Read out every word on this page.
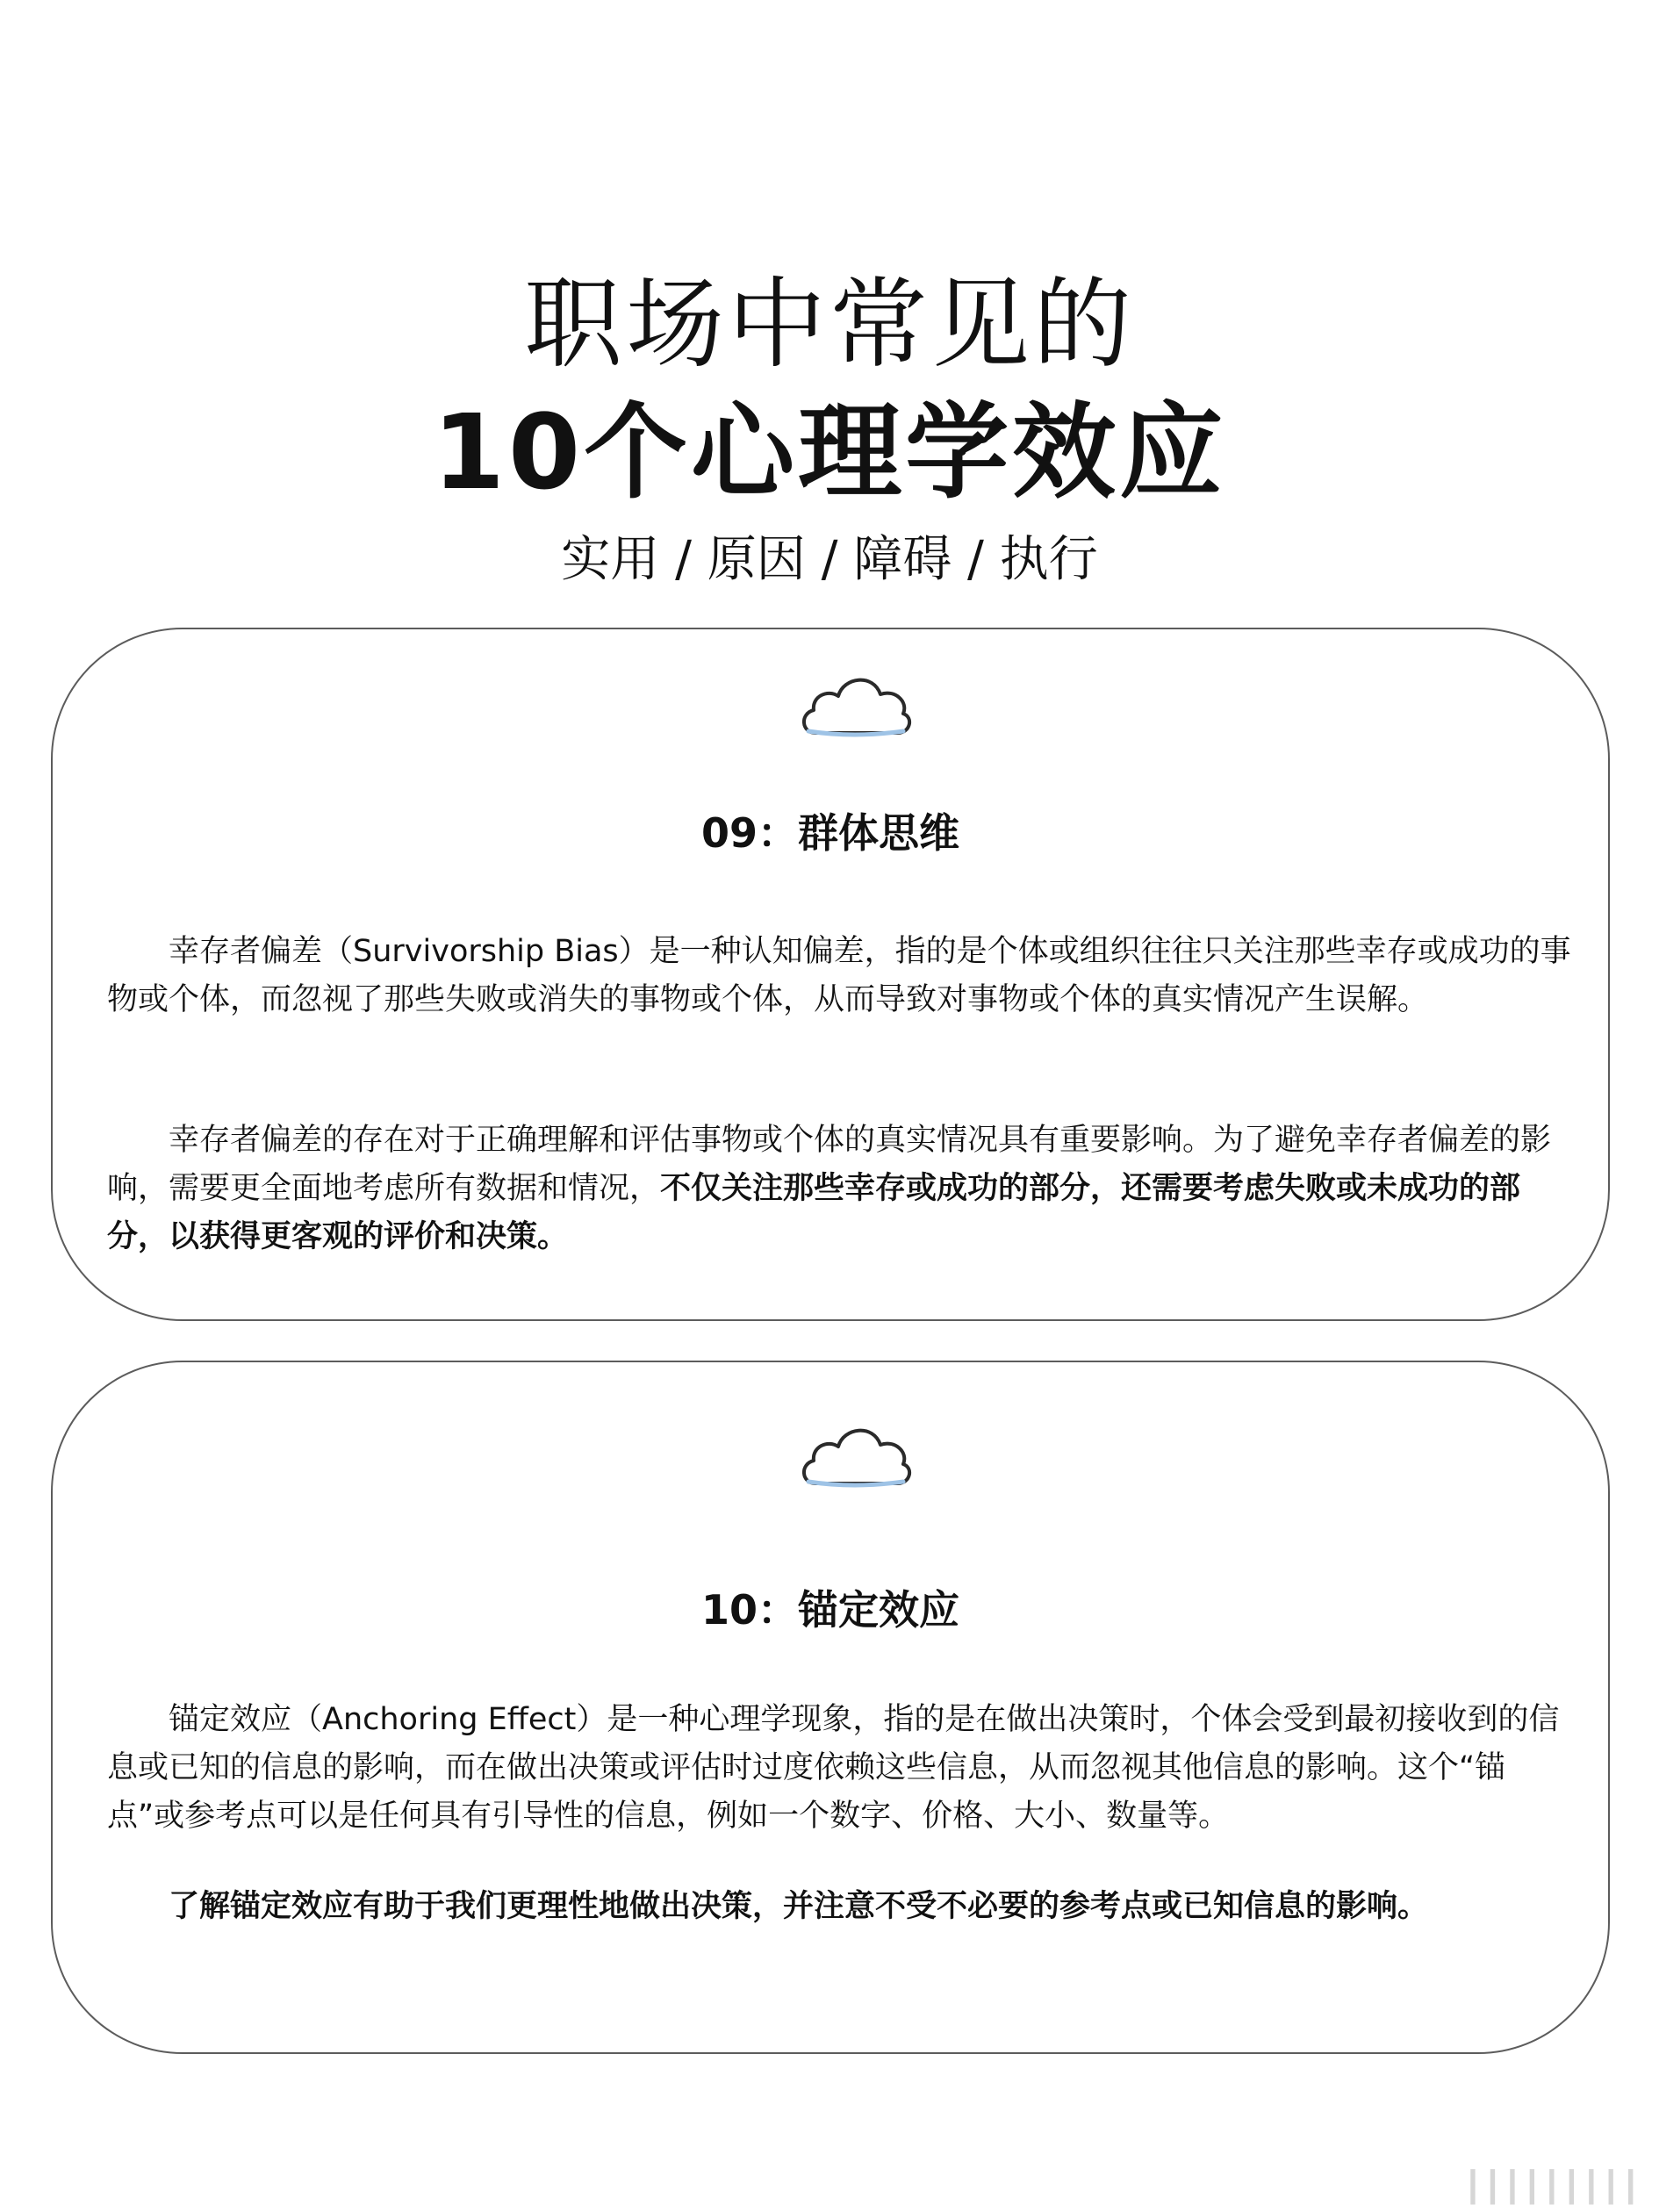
职场中常见的
10个心理学效应
实用 / 原因 / 障碍 / 执行
09：群体思维

幸存者偏差（Survivorship Bias）是一种认知偏差，指的是个体或组织往往只关注那些幸存或成功的事物或个体，而忽视了那些失败或消失的事物或个体，从而导致对事物或个体的真实情况产生误解。

幸存者偏差的存在对于正确理解和评估事物或个体的真实情况具有重要影响。为了避免幸存者偏差的影响，需要更全面地考虑所有数据和情况，不仅关注那些幸存或成功的部分，还需要考虑失败或未成功的部分，以获得更客观的评价和决策。

10：锚定效应

锚定效应（Anchoring Effect）是一种心理学现象，指的是在做出决策时，个体会受到最初接收到的信息或已知的信息的影响，而在做出决策或评估时过度依赖这些信息，从而忽视其他信息的影响。这个“锚点”或参考点可以是任何具有引导性的信息，例如一个数字、价格、大小、数量等。

了解锚定效应有助于我们更理性地做出决策，并注意不受不必要的参考点或已知信息的影响。

┃┃┃┃┃┃┃┃┃
